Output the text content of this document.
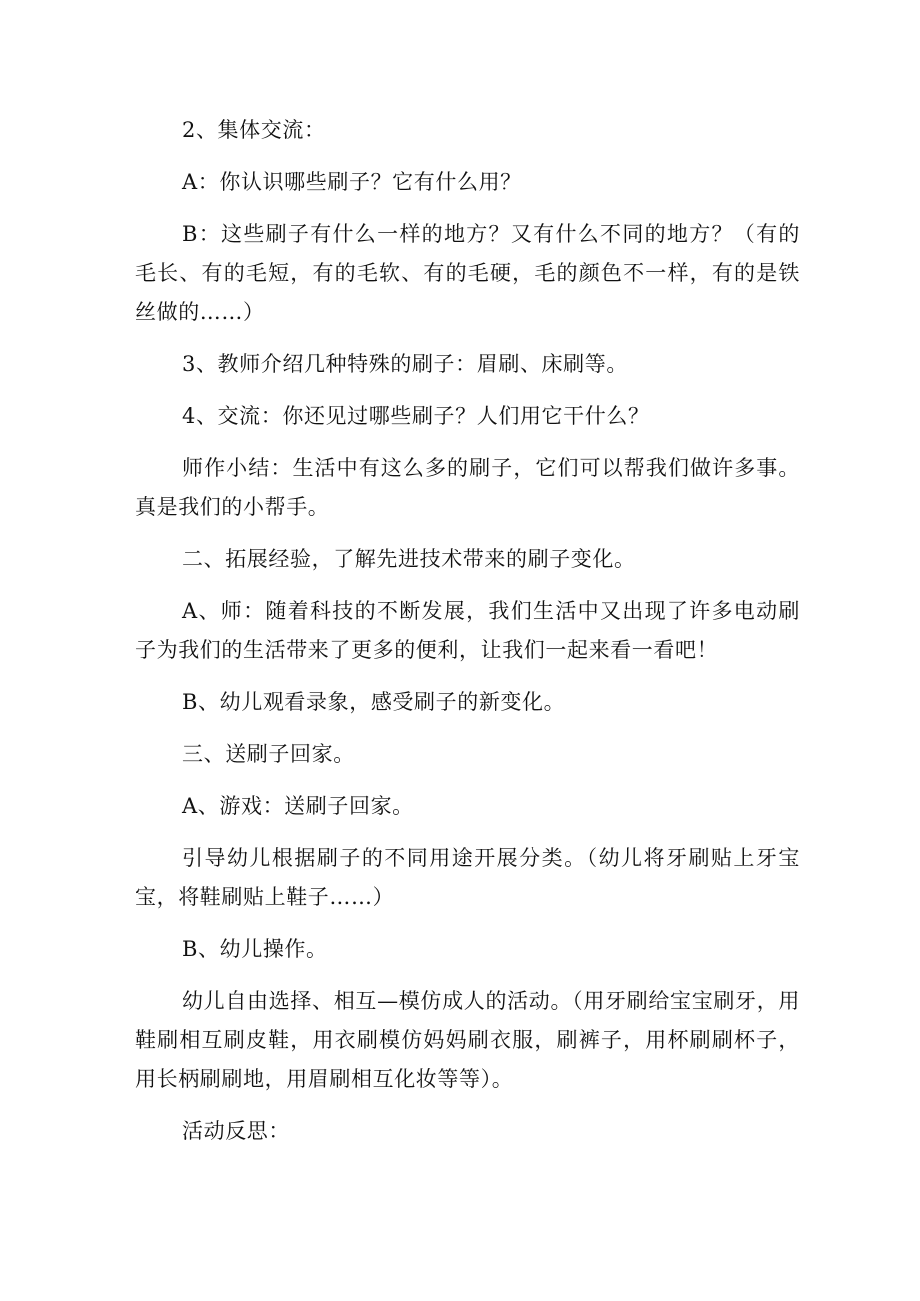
2、集体交流：

A：你认识哪些刷子？它有什么用？

B：这些刷子有什么一样的地方？又有什么不同的地方？（有的毛长、有的毛短，有的毛软、有的毛硬，毛的颜色不一样，有的是铁丝做的……）

3、教师介绍几种特殊的刷子：眉刷、床刷等。

4、交流：你还见过哪些刷子？人们用它干什么？

师作小结：生活中有这么多的刷子，它们可以帮我们做许多事。真是我们的小帮手。

二、拓展经验，了解先进技术带来的刷子变化。

A、师：随着科技的不断发展，我们生活中又出现了许多电动刷子为我们的生活带来了更多的便利，让我们一起来看一看吧！

B、幼儿观看录象，感受刷子的新变化。

三、送刷子回家。

A、游戏：送刷子回家。

引导幼儿根据刷子的不同用途开展分类。（幼儿将牙刷贴上牙宝宝，将鞋刷贴上鞋子……）

B、幼儿操作。

幼儿自由选择、相互—模仿成人的活动。（用牙刷给宝宝刷牙，用鞋刷相互刷皮鞋，用衣刷模仿妈妈刷衣服，刷裤子，用杯刷刷杯子，用长柄刷刷地，用眉刷相互化妆等等）。

活动反思：
